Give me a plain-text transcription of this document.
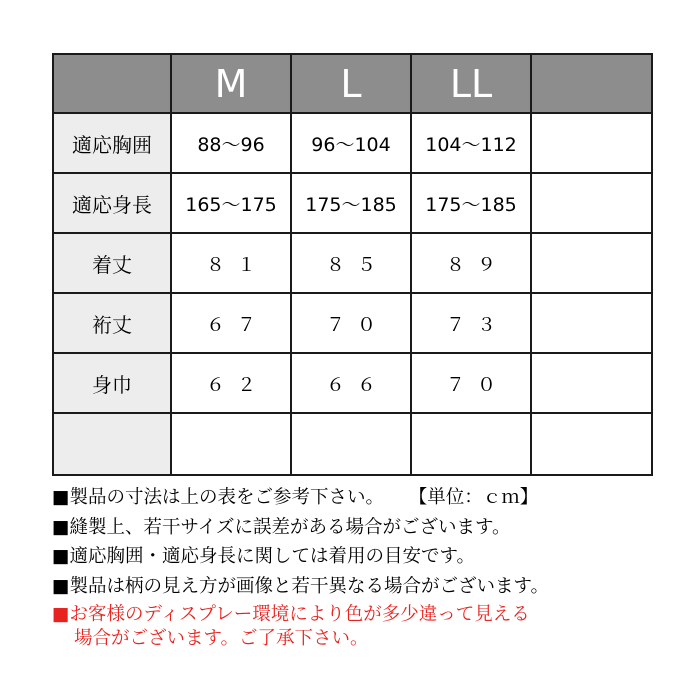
	M	L	LL	
適応胸囲	88～96	96～104	104～112	
適応身長	165～175	175～185	175～185	
着丈	８１	８５	８９	
裄丈	６７	７０	７３	
身巾	６２	６６	７０	

■製品の寸法は上の表をご参考下さい。 【単位：ｃｍ】
■縫製上、若干サイズに誤差がある場合がございます。
■適応胸囲・適応身長に関しては着用の目安です。
■製品は柄の見え方が画像と若干異なる場合がございます。
■お客様のディスプレー環境により色が多少違って見える
場合がございます。ご了承下さい。
